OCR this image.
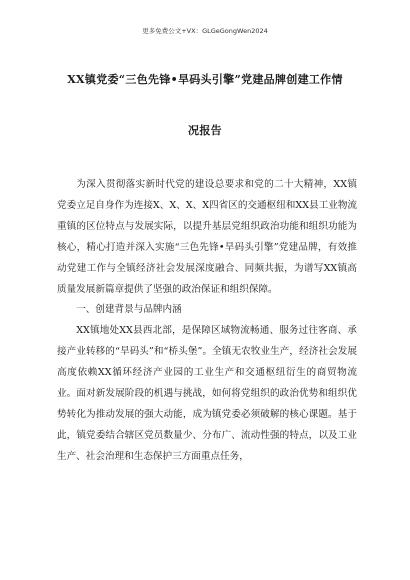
更多免费公文+VX：GLGeGongWen2024
XX镇党委“三色先锋•旱码头引擎”党建品牌创建工作情
况报告

为深入贯彻落实新时代党的建设总要求和党的二十大精神，XX镇党委立足自身作为连接X、X、X、X四省区的交通枢纽和XX县工业物流重镇的区位特点与发展实际，以提升基层党组织政治功能和组织功能为核心，精心打造并深入实施“三色先锋•旱码头引擎”党建品牌，有效推动党建工作与全镇经济社会发展深度融合、同频共振，为谱写XX镇高质量发展新篇章提供了坚强的政治保证和组织保障。

一、创建背景与品牌内涵

XX镇地处XX县西北部，是保障区域物流畅通、服务过往客商、承接产业转移的“旱码头”和“桥头堡”。全镇无农牧业生产，经济社会发展高度依赖XX循环经济产业园的工业生产和交通枢纽衍生的商贸物流业。面对新发展阶段的机遇与挑战，如何将党组织的政治优势和组织优势转化为推动发展的强大动能，成为镇党委必须破解的核心课题。基于此，镇党委结合辖区党员数量少、分布广、流动性强的特点，以及工业生产、社会治理和生态保护三方面重点任务，
